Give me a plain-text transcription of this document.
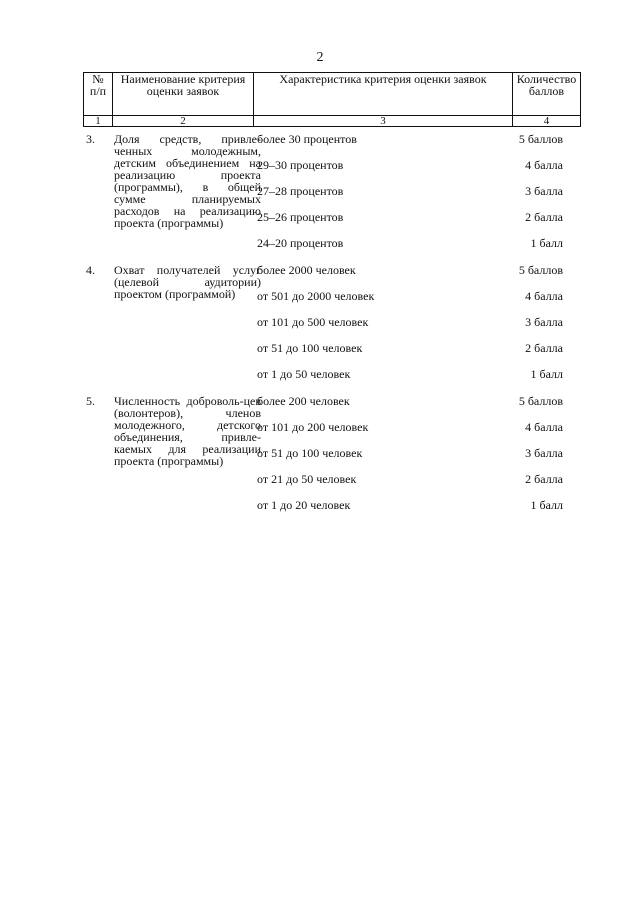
2
№ п/п	Наименование критерия оценки заявок	Характеристика критерия оценки заявок	Количество баллов
1	2	3	4
3. Доля средств, привле-ченных молодежным, детским объединением на реализацию проекта (программы), в общей сумме планируемых расходов на реализацию проекта (программы)
более 30 процентов	5 баллов
29–30 процентов	4 балла
27–28 процентов	3 балла
25–26 процентов	2 балла
24–20 процентов	1 балл
4. Охват получателей услуг (целевой аудитории) проектом (программой)
более 2000 человек	5 баллов
от 501 до 2000 человек	4 балла
от 101 до 500 человек	3 балла
от 51 до 100 человек	2 балла
от 1 до 50 человек	1 балл
5. Численность доброволь-цев (волонтеров), членов молодежного, детского объединения, привле-каемых для реализации проекта (программы)
более 200 человек	5 баллов
от 101 до 200 человек	4 балла
от 51 до 100 человек	3 балла
от 21 до 50 человек	2 балла
от 1 до 20 человек	1 балл
